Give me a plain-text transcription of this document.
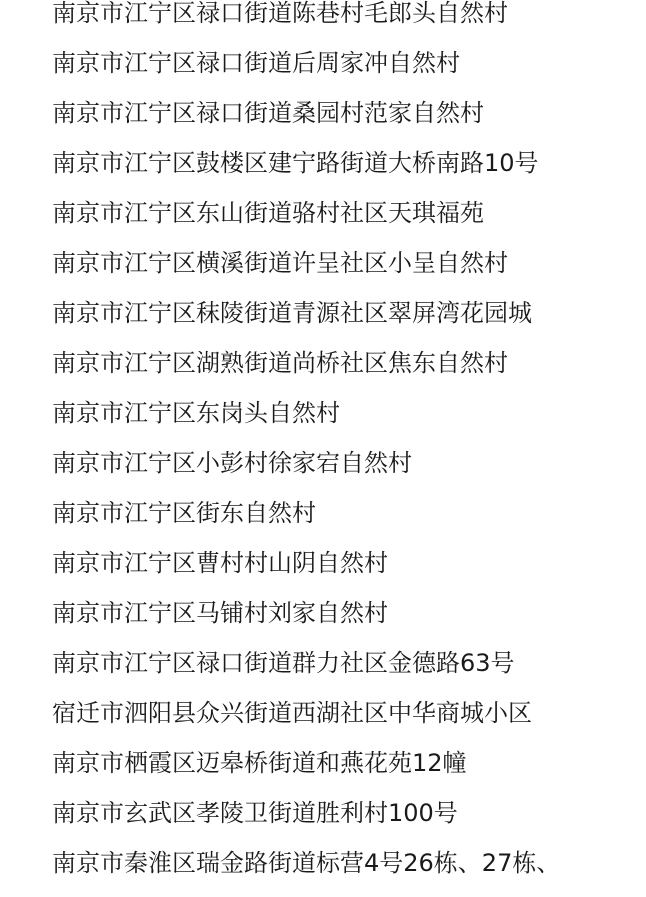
南京市江宁区禄口街道陈巷村毛郎头自然村
南京市江宁区禄口街道后周家冲自然村
南京市江宁区禄口街道桑园村范家自然村
南京市江宁区鼓楼区建宁路街道大桥南路10号
南京市江宁区东山街道骆村社区天琪福苑
南京市江宁区横溪街道许呈社区小呈自然村
南京市江宁区秣陵街道青源社区翠屏湾花园城
南京市江宁区湖熟街道尚桥社区焦东自然村
南京市江宁区东岗头自然村
南京市江宁区小彭村徐家宕自然村
南京市江宁区街东自然村
南京市江宁区曹村村山阴自然村
南京市江宁区马铺村刘家自然村
南京市江宁区禄口街道群力社区金德路63号
宿迁市泗阳县众兴街道西湖社区中华商城小区
南京市栖霞区迈皋桥街道和燕花苑12幢
南京市玄武区孝陵卫街道胜利村100号
南京市秦淮区瑞金路街道标营4号26栋、27栋、
